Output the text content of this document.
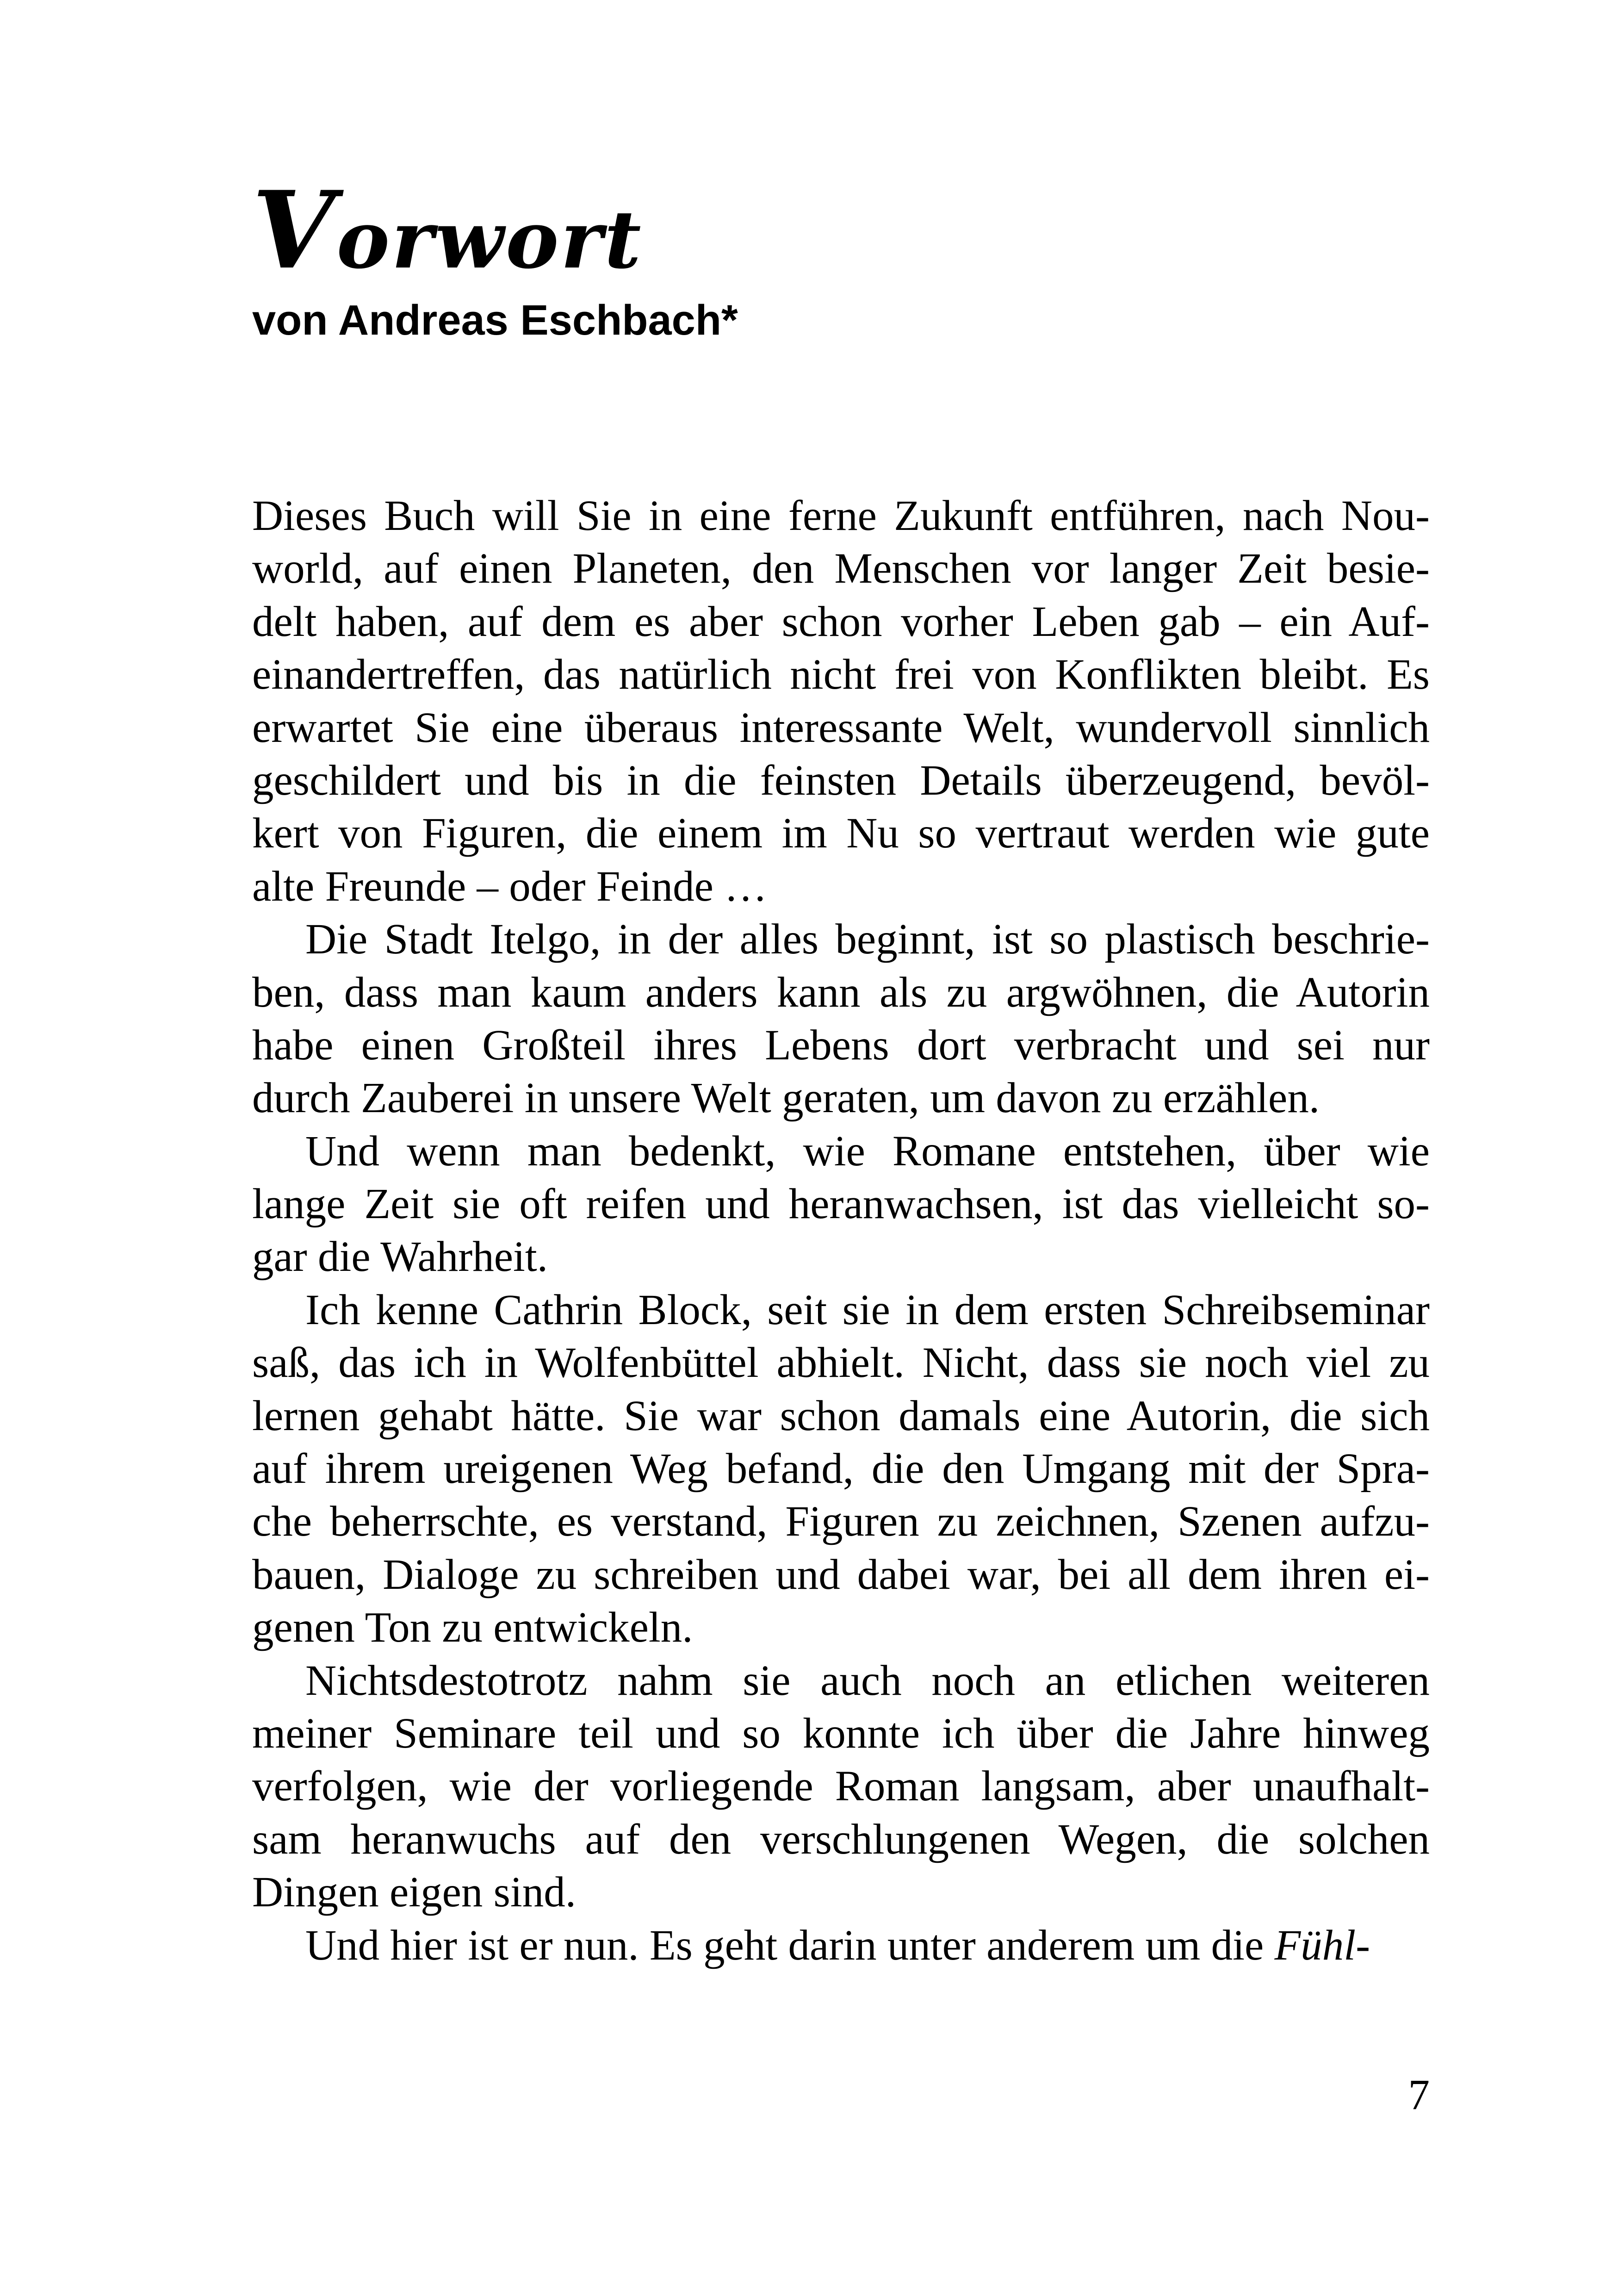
Vorwort
von Andreas Eschbach*
Dieses Buch will Sie in eine ferne Zukunft entführen, nach Nou-
world, auf einen Planeten, den Menschen vor langer Zeit besie-
delt haben, auf dem es aber schon vorher Leben gab – ein Auf-
einandertreffen, das natürlich nicht frei von Konflikten bleibt. Es
erwartet Sie eine überaus interessante Welt, wundervoll sinnlich
geschildert und bis in die feinsten Details überzeugend, bevöl-
kert von Figuren, die einem im Nu so vertraut werden wie gute
alte Freunde – oder Feinde …
Die Stadt Itelgo, in der alles beginnt, ist so plastisch beschrie-
ben, dass man kaum anders kann als zu argwöhnen, die Autorin
habe einen Großteil ihres Lebens dort verbracht und sei nur
durch Zauberei in unsere Welt geraten, um davon zu erzählen.
Und wenn man bedenkt, wie Romane entstehen, über wie
lange Zeit sie oft reifen und heranwachsen, ist das vielleicht so-
gar die Wahrheit.
Ich kenne Cathrin Block, seit sie in dem ersten Schreibseminar
saß, das ich in Wolfenbüttel abhielt. Nicht, dass sie noch viel zu
lernen gehabt hätte. Sie war schon damals eine Autorin, die sich
auf ihrem ureigenen Weg befand, die den Umgang mit der Spra-
che beherrschte, es verstand, Figuren zu zeichnen, Szenen aufzu-
bauen, Dialoge zu schreiben und dabei war, bei all dem ihren ei-
genen Ton zu entwickeln.
Nichtsdestotrotz nahm sie auch noch an etlichen weiteren
meiner Seminare teil und so konnte ich über die Jahre hinweg
verfolgen, wie der vorliegende Roman langsam, aber unaufhalt-
sam heranwuchs auf den verschlungenen Wegen, die solchen
Dingen eigen sind.
Und hier ist er nun. Es geht darin unter anderem um die Fühl-
7
